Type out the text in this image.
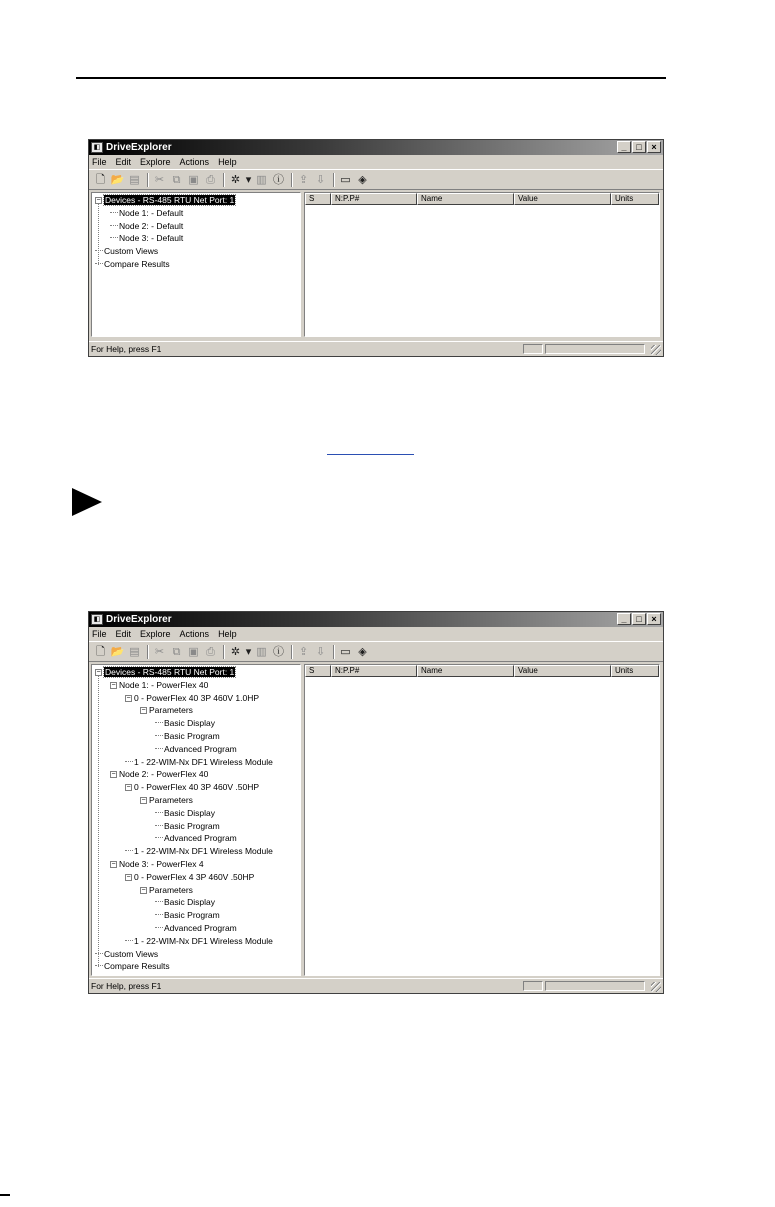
◧ DriveExplorer	_	□	×
File Edit Explore Actions Help
🗋 📂 ▤ ✂ ⧉ ▣ ⎙ ✲ ▾ ▥ ⓘ ⇪ ⇩ ▭ ◈
− Devices - RS-485 RTU Net Port: 1
Node 1: - Default
Node 2: - Default
Node 3: - Default
Custom Views
Compare Results
S	N:P.P#	Name	Value	Units
For Help, press F1
◧ DriveExplorer	_	□	×
File Edit Explore Actions Help
🗋 📂 ▤ ✂ ⧉ ▣ ⎙ ✲ ▾ ▥ ⓘ ⇪ ⇩ ▭ ◈
− Devices - RS-485 RTU Net Port: 1
− Node 1: - PowerFlex 40
− 0 - PowerFlex 40 3P 460V 1.0HP
− Parameters
Basic Display
Basic Program
Advanced Program
1 - 22-WIM-Nx DF1 Wireless Module
− Node 2: - PowerFlex 40
− 0 - PowerFlex 40 3P 460V .50HP
− Parameters
Basic Display
Basic Program
Advanced Program
1 - 22-WIM-Nx DF1 Wireless Module
− Node 3: - PowerFlex 4
− 0 - PowerFlex 4 3P 460V .50HP
− Parameters
Basic Display
Basic Program
Advanced Program
1 - 22-WIM-Nx DF1 Wireless Module
Custom Views
Compare Results
S	N:P.P#	Name	Value	Units
For Help, press F1
